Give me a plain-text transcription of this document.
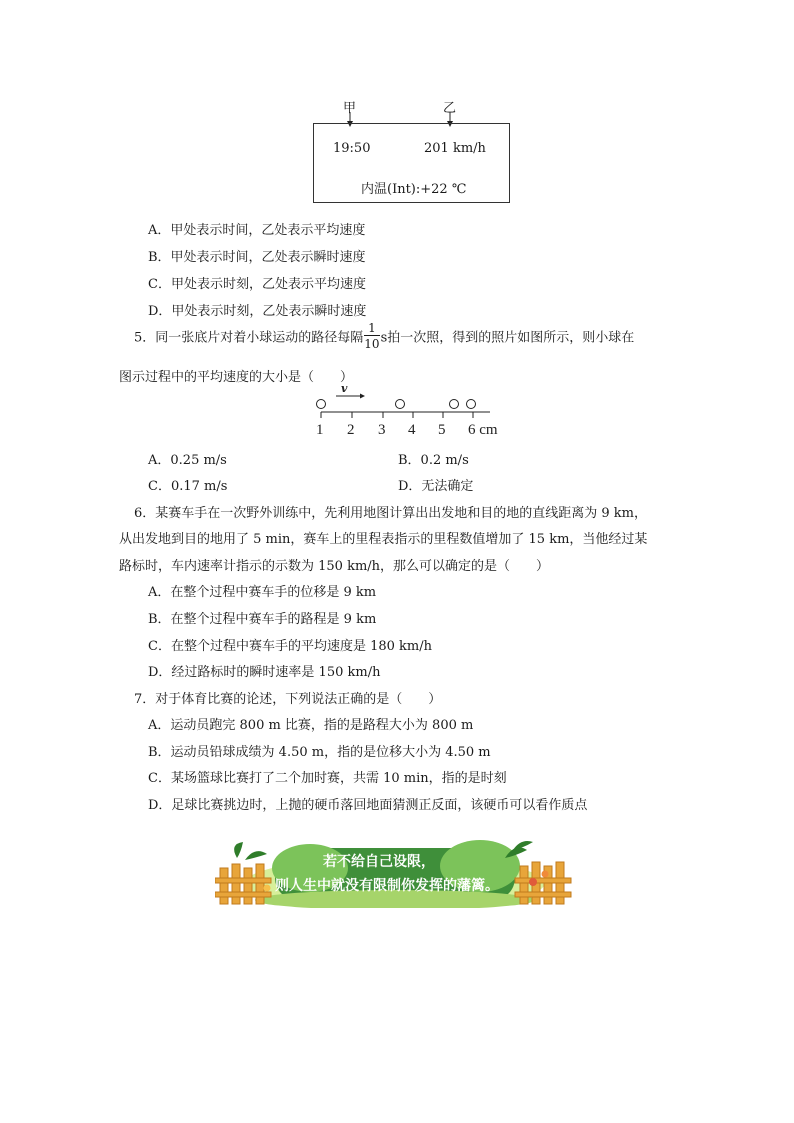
甲	乙
19:50	201 km/h
内温(Int):+22 ℃
A．甲处表示时间，乙处表示平均速度
B．甲处表示时间，乙处表示瞬时速度
C．甲处表示时刻，乙处表示平均速度
D．甲处表示时刻，乙处表示瞬时速度
5．同一张底片对着小球运动的路径每隔 $\frac{1}{10}$ s拍一次照，得到的照片如图所示，则小球在
图示过程中的平均速度的大小是（　　）
v
1 2 3 4 5 6 cm
A．0.25 m/s	B．0.2 m/s
C．0.17 m/s	D．无法确定
6．某赛车手在一次野外训练中，先利用地图计算出出发地和目的地的直线距离为 9 km，
从出发地到目的地用了 5 min，赛车上的里程表指示的里程数值增加了 15 km，当他经过某
路标时，车内速率计指示的示数为 150 km/h，那么可以确定的是（　　）
A．在整个过程中赛车手的位移是 9 km
B．在整个过程中赛车手的路程是 9 km
C．在整个过程中赛车手的平均速度是 180 km/h
D．经过路标时的瞬时速率是 150 km/h
7．对于体育比赛的论述，下列说法正确的是（　　）
A．运动员跑完 800 m 比赛，指的是路程大小为 800 m
B．运动员铅球成绩为 4.50 m，指的是位移大小为 4.50 m
C．某场篮球比赛打了二个加时赛，共需 10 min，指的是时刻
D．足球比赛挑边时，上抛的硬币落回地面猜测正反面，该硬币可以看作质点
若不给自己设限，
则人生中就没有限制你发挥的藩篱。
